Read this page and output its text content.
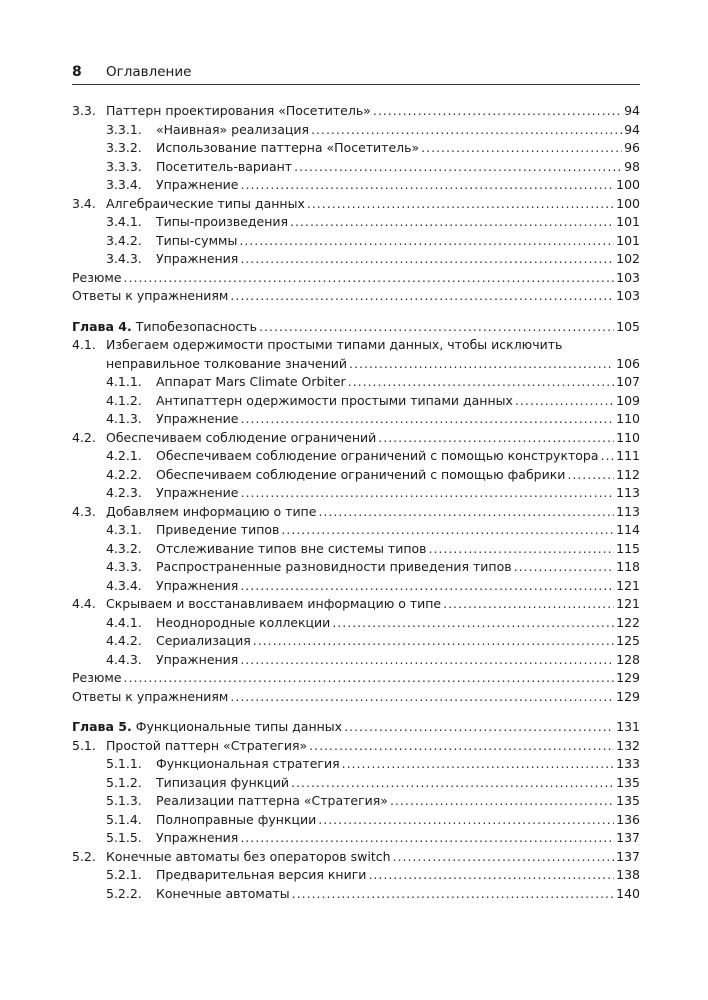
8 Оглавление
3.3. Паттерн проектирования «Посетитель» .....	94
3.3.1.	«Наивная» реализация .....	94
3.3.2.	Использование паттерна «Посетитель» .....	96
3.3.3.	Посетитель-вариант .....	98
3.3.4.	Упражнение .....	100
3.4. Алгебраические типы данных .....	100
3.4.1.	Типы-произведения .....	101
3.4.2.	Типы-суммы .....	101
3.4.3.	Упражнения .....	102
Резюме .....	103
Ответы к упражнениям .....	103
Глава 4. Типобезопасность .....	105
4.1. Избегаем одержимости простыми типами данных, чтобы исключить
неправильное толкование значений .....	106
4.1.1.	Аппарат Mars Climate Orbiter .....	107
4.1.2.	Антипаттерн одержимости простыми типами данных .....	109
4.1.3.	Упражнение .....	110
4.2. Обеспечиваем соблюдение ограничений .....	110
4.2.1.	Обеспечиваем соблюдение ограничений с помощью конструктора ..... 111
4.2.2.	Обеспечиваем соблюдение ограничений с помощью фабрики .....	112
4.2.3.	Упражнение .....	113
4.3. Добавляем информацию о типе .....	113
4.3.1.	Приведение типов .....	114
4.3.2.	Отслеживание типов вне системы типов .....	115
4.3.3.	Распространенные разновидности приведения типов .....	118
4.3.4.	Упражнения .....	121
4.4. Скрываем и восстанавливаем информацию о типе .....	121
4.4.1.	Неоднородные коллекции .....	122
4.4.2.	Сериализация .....	125
4.4.3.	Упражнения .....	128
Резюме .....	129
Ответы к упражнениям .....	129
Глава 5. Функциональные типы данных .....	131
5.1. Простой паттерн «Стратегия» .....	132
5.1.1.	Функциональная стратегия .....	133
5.1.2.	Типизация функций .....	135
5.1.3.	Реализации паттерна «Стратегия» .....	135
5.1.4.	Полноправные функции .....	136
5.1.5.	Упражнения .....	137
5.2. Конечные автоматы без операторов switch .....	137
5.2.1.	Предварительная версия книги .....	138
5.2.2.	Конечные автоматы .....	140
